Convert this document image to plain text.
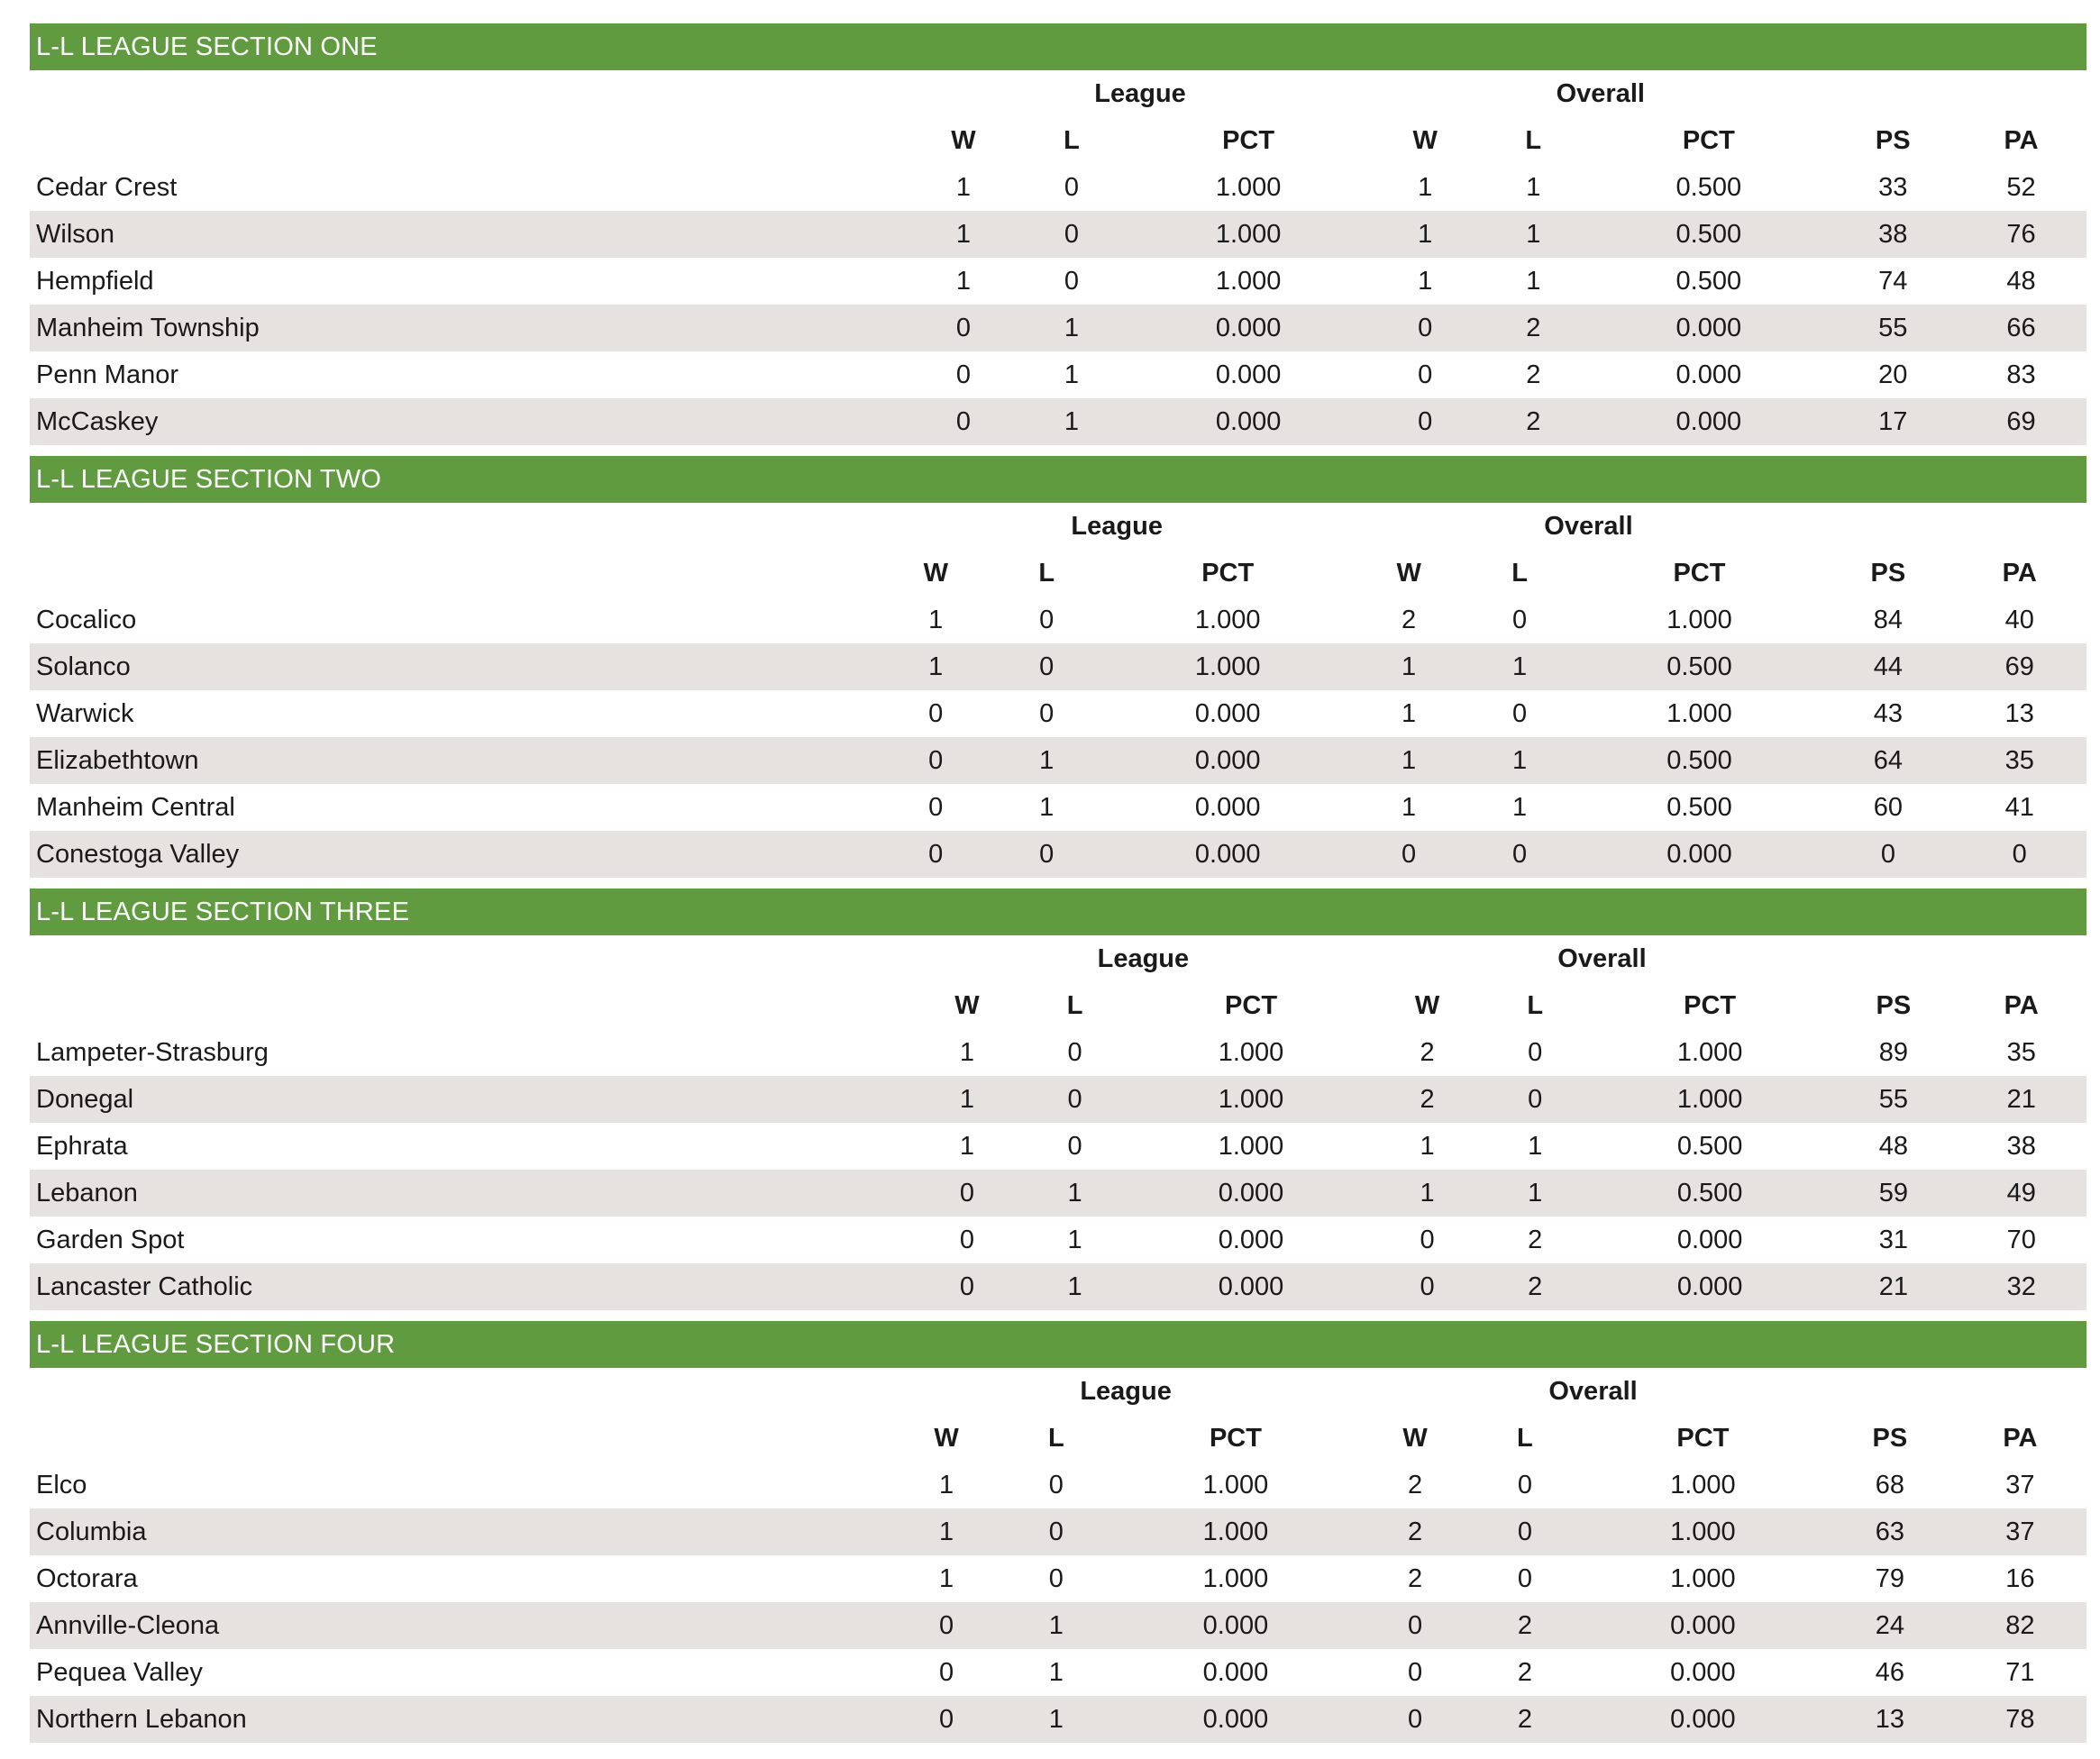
L-L LEAGUE SECTION ONE
	League			Overall				
	W	L	PCT	W	L	PCT	PS	PA
Cedar Crest	1	0	1.000	1	1	0.500	33	52
Wilson	1	0	1.000	1	1	0.500	38	76
Hempfield	1	0	1.000	1	1	0.500	74	48
Manheim Township	0	1	0.000	0	2	0.000	55	66
Penn Manor	0	1	0.000	0	2	0.000	20	83
McCaskey	0	1	0.000	0	2	0.000	17	69
L-L LEAGUE SECTION TWO
	League			Overall				
	W	L	PCT	W	L	PCT	PS	PA
Cocalico	1	0	1.000	2	0	1.000	84	40
Solanco	1	0	1.000	1	1	0.500	44	69
Warwick	0	0	0.000	1	0	1.000	43	13
Elizabethtown	0	1	0.000	1	1	0.500	64	35
Manheim Central	0	1	0.000	1	1	0.500	60	41
Conestoga Valley	0	0	0.000	0	0	0.000	0	0
L-L LEAGUE SECTION THREE
	League			Overall				
	W	L	PCT	W	L	PCT	PS	PA
Lampeter-Strasburg	1	0	1.000	2	0	1.000	89	35
Donegal	1	0	1.000	2	0	1.000	55	21
Ephrata	1	0	1.000	1	1	0.500	48	38
Lebanon	0	1	0.000	1	1	0.500	59	49
Garden Spot	0	1	0.000	0	2	0.000	31	70
Lancaster Catholic	0	1	0.000	0	2	0.000	21	32
L-L LEAGUE SECTION FOUR
	League			Overall				
	W	L	PCT	W	L	PCT	PS	PA
Elco	1	0	1.000	2	0	1.000	68	37
Columbia	1	0	1.000	2	0	1.000	63	37
Octorara	1	0	1.000	2	0	1.000	79	16
Annville-Cleona	0	1	0.000	0	2	0.000	24	82
Pequea Valley	0	1	0.000	0	2	0.000	46	71
Northern Lebanon	0	1	0.000	0	2	0.000	13	78
